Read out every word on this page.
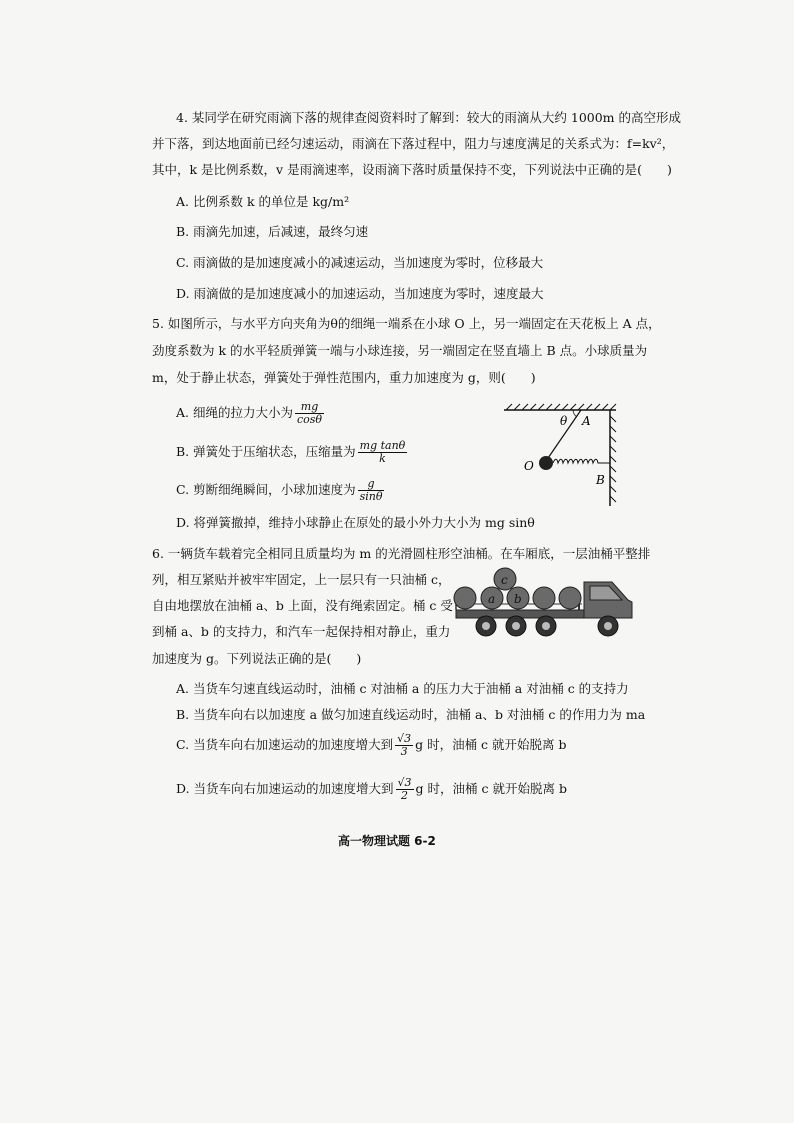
4. 某同学在研究雨滴下落的规律查阅资料时了解到：较大的雨滴从大约 1000m 的高空形成
并下落，到达地面前已经匀速运动，雨滴在下落过程中，阻力与速度满足的关系式为：f=kv²，
其中，k 是比例系数，v 是雨滴速率，设雨滴下落时质量保持不变，下列说法中正确的是(　　)
A. 比例系数 k 的单位是 kg/m²
B. 雨滴先加速，后减速，最终匀速
C. 雨滴做的是加速度减小的减速运动，当加速度为零时，位移最大
D. 雨滴做的是加速度减小的加速运动，当加速度为零时，速度最大
5. 如图所示，与水平方向夹角为θ的细绳一端系在小球 O 上，另一端固定在天花板上 A 点，
劲度系数为 k 的水平轻质弹簧一端与小球连接，另一端固定在竖直墙上 B 点。小球质量为
m，处于静止状态，弹簧处于弹性范围内，重力加速度为 g，则(　　)
A. 细绳的拉力大小为 $\frac{mg}{\cos\theta}$
B. 弹簧处于压缩状态，压缩量为 $\frac{\text{mg tanθ}}{k}$
C. 剪断细绳瞬间，小球加速度为 $\frac{g}{\sin\theta}$
D. 将弹簧撤掉，维持小球静止在原处的最小外力大小为 mg sinθ
θ A
O
B
6. 一辆货车载着完全相同且质量均为 m 的光滑圆柱形空油桶。在车厢底，一层油桶平整排
列，相互紧贴并被牢牢固定，上一层只有一只油桶 c，
自由地摆放在油桶 a、b 上面，没有绳索固定。桶 c 受
到桶 a、b 的支持力，和汽车一起保持相对静止，重力
加速度为 g。下列说法正确的是(　　)
a b
c
A. 当货车匀速直线运动时，油桶 c 对油桶 a 的压力大于油桶 a 对油桶 c 的支持力
B. 当货车向右以加速度 a 做匀加速直线运动时，油桶 a、b 对油桶 c 的作用力为 ma
C. 当货车向右加速运动的加速度增大到 $\frac{√3}{3}$ g 时，油桶 c 就开始脱离 b
D. 当货车向右加速运动的加速度增大到 $\frac{√3}{2}$ g 时，油桶 c 就开始脱离 b
高一物理试题 6-2
